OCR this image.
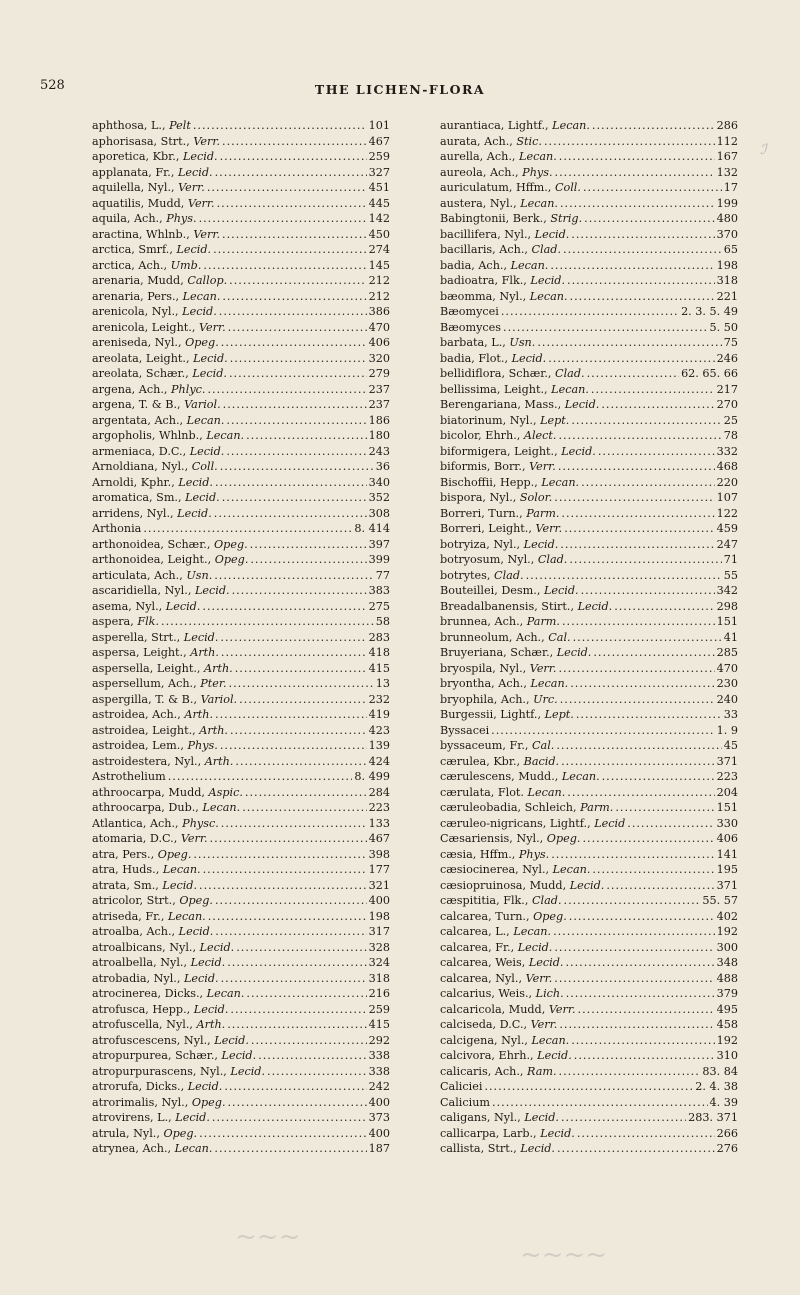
528	THE LICHEN-FLORA
aphthosa, L., Pelt .....	101
aphorisasa, Strt., Verr. .....	467
aporetica, Kbr., Lecid. .....	259
applanata, Fr., Lecid. .....	327
aquilella, Nyl., Verr. .....	451
aquatilis, Mudd, Verr. .....	445
aquila, Ach., Phys. .....	142
aractina, Whlnb., Verr. .....	450
arctica, Smrf., Lecid. .....	274
arctica, Ach., Umb. .....	145
arenaria, Mudd, Callop. .....	212
arenaria, Pers., Lecan. .....	212
arenicola, Nyl., Lecid. .....	386
arenicola, Leight., Verr. .....	470
areniseda, Nyl., Opeg. .....	406
areolata, Leight., Lecid. .....	320
areolata, Schær., Lecid. .....	279
argena, Ach., Phlyc. .....	237
argena, T. & B., Variol. .....	237
argentata, Ach., Lecan. .....	186
argopholis, Whlnb., Lecan. .....	180
armeniaca, D.C., Lecid. .....	243
Arnoldiana, Nyl., Coll. .....	36
Arnoldi, Kphr., Lecid. .....	340
aromatica, Sm., Lecid. .....	352
arridens, Nyl., Lecid. .....	308
Arthonia .....	8. 414
arthonoidea, Schær., Opeg. .....	397
arthonoidea, Leight., Opeg. .....	399
articulata, Ach., Usn. .....	77
ascaridiella, Nyl., Lecid. .....	383
asema, Nyl., Lecid. .....	275
aspera, Flk. .....	58
asperella, Strt., Lecid. .....	283
aspersa, Leight., Arth. .....	418
aspersella, Leight., Arth. .....	415
aspersellum, Ach., Pter. .....	13
aspergilla, T. & B., Variol. .....	232
astroidea, Ach., Arth. .....	419
astroidea, Leight., Arth. .....	423
astroidea, Lem., Phys. .....	139
astroidestera, Nyl., Arth. .....	424
Astrothelium .....	8. 499
athroocarpa, Mudd, Aspic. .....	284
athroocarpa, Dub., Lecan. .....	223
Atlantica, Ach., Physc. .....	133
atomaria, D.C., Verr. .....	467
atra, Pers., Opeg. .....	398
atra, Huds., Lecan. .....	177
atrata, Sm., Lecid. .....	321
atricolor, Strt., Opeg. .....	400
atriseda, Fr., Lecan. .....	198
atroalba, Ach., Lecid. .....	317
atroalbicans, Nyl., Lecid. .....	328
atroalbella, Nyl., Lecid. .....	324
atrobadia, Nyl., Lecid. .....	318
atrocinerea, Dicks., Lecan. .....	216
atrofusca, Hepp., Lecid. .....	259
atrofuscella, Nyl., Arth. .....	415
atrofuscescens, Nyl., Lecid. .....	292
atropurpurea, Schær., Lecid. .....	338
atropurpurascens, Nyl., Lecid. .....	338
atrorufa, Dicks., Lecid. .....	242
atrorimalis, Nyl., Opeg. .....	400
atrovirens, L., Lecid. .....	373
atrula, Nyl., Opeg. .....	400
atrynea, Ach., Lecan. .....	187
aurantiaca, Lightf., Lecan. .....	286
aurata, Ach., Stic. .....	112
aurella, Ach., Lecan. .....	167
aureola, Ach., Phys. .....	132
auriculatum, Hffm., Coll. .....	17
austera, Nyl., Lecan. .....	199
Babingtonii, Berk., Strig. .....	480
bacillifera, Nyl., Lecid. .....	370
bacillaris, Ach., Clad. .....	65
badia, Ach., Lecan. .....	198
badioatra, Flk., Lecid. .....	318
bæomma, Nyl., Lecan. .....	221
Bæomycei .....	2. 3. 5. 49
Bæomyces .....	5. 50
barbata, L., Usn. .....	75
badia, Flot., Lecid. .....	246
bellidiflora, Schær., Clad. .....	62. 65. 66
bellissima, Leight., Lecan. .....	217
Berengariana, Mass., Lecid. .....	270
biatorinum, Nyl., Lept. .....	25
bicolor, Ehrh., Alect. .....	78
biformigera, Leight., Lecid. .....	332
biformis, Borr., Verr. .....	468
Bischoffii, Hepp., Lecan. .....	220
bispora, Nyl., Solor. .....	107
Borreri, Turn., Parm. .....	122
Borreri, Leight., Verr. .....	459
botryiza, Nyl., Lecid. .....	247
botryosum, Nyl., Clad. .....	71
botrytes, Clad. .....	55
Bouteillei, Desm., Lecid. .....	342
Breadalbanensis, Stirt., Lecid. .....	298
brunnea, Ach., Parm. .....	151
brunneolum, Ach., Cal. .....	41
Bruyeriana, Schær., Lecid. .....	285
bryospila, Nyl., Verr. .....	470
bryontha, Ach., Lecan. .....	230
bryophila, Ach., Urc. .....	240
Burgessii, Lightf., Lept. .....	33
Byssacei .....	1. 9
byssaceum, Fr., Cal. .....	45
cærulea, Kbr., Bacid. .....	371
cærulescens, Mudd., Lecan. .....	223
cærulata, Flot. Lecan. .....	204
cæruleobadia, Schleich, Parm. .....	151
cæruleo-nigricans, Lightf., Lecid .....	330
Cæsariensis, Nyl., Opeg. .....	406
cæsia, Hffm., Phys. .....	141
cæsiocinerea, Nyl., Lecan. .....	195
cæsiopruinosa, Mudd, Lecid. .....	371
cæspititia, Flk., Clad. .....	55. 57
calcarea, Turn., Opeg. .....	402
calcarea, L., Lecan. .....	192
calcarea, Fr., Lecid. .....	300
calcarea, Weis, Lecid. .....	348
calcarea, Nyl., Verr. .....	488
calcarius, Weis., Lich. .....	379
calcaricola, Mudd, Verr. .....	495
calciseda, D.C., Verr. .....	458
calcigena, Nyl., Lecan. .....	192
calcivora, Ehrh., Lecid. .....	310
calicaris, Ach., Ram. .....	83. 84
Caliciei .....	2. 4. 38
Calicium .....	4. 39
caligans, Nyl., Lecid. .....	283. 371
callicarpa, Larb., Lecid. .....	266
callista, Strt., Lecid. .....	276
ℐ
~~~
~~~~
